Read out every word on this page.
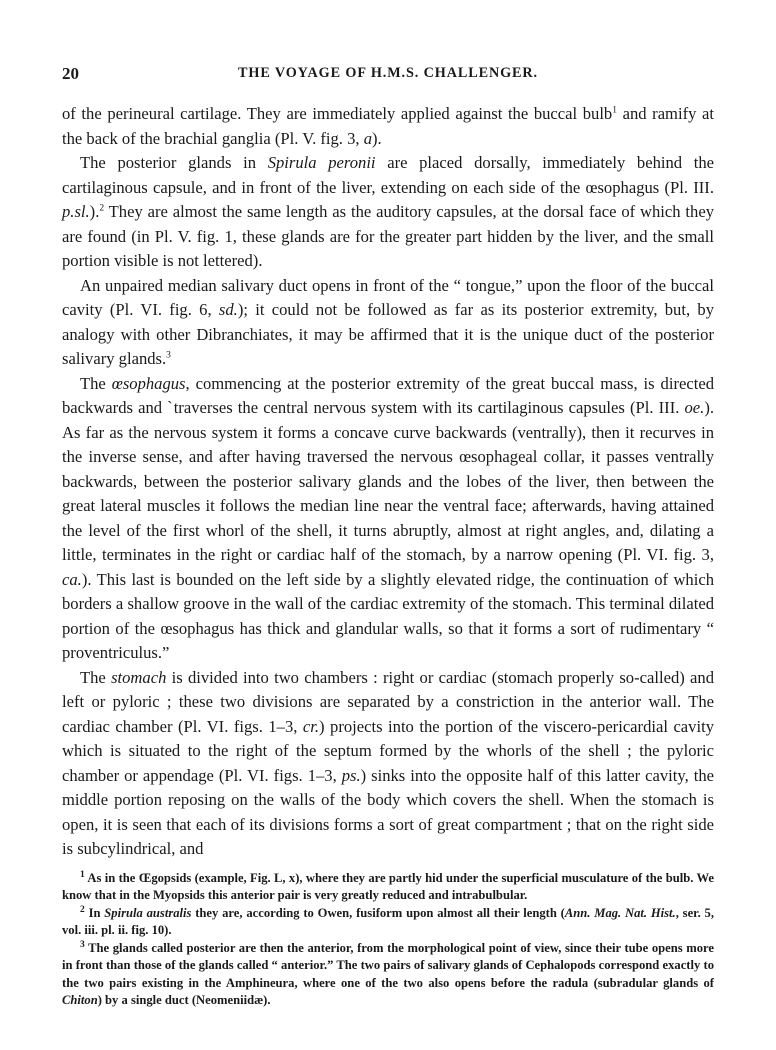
20	THE VOYAGE OF H.M.S. CHALLENGER.

of the perineural cartilage. They are immediately applied against the buccal bulb$^1$ and ramify at the back of the brachial ganglia (Pl. V. fig. 3, a).

The posterior glands in Spirula peronii are placed dorsally, immediately behind the cartilaginous capsule, and in front of the liver, extending on each side of the œsophagus (Pl. III. p.sl.).$^2$ They are almost the same length as the auditory capsules, at the dorsal face of which they are found (in Pl. V. fig. 1, these glands are for the greater part hidden by the liver, and the small portion visible is not lettered).

An unpaired median salivary duct opens in front of the “ tongue,” upon the floor of the buccal cavity (Pl. VI. fig. 6, sd.); it could not be followed as far as its posterior extremity, but, by analogy with other Dibranchiates, it may be affirmed that it is the unique duct of the posterior salivary glands.$^3$

The œsophagus, commencing at the posterior extremity of the great buccal mass, is directed backwards and ˋtraverses the central nervous system with its cartilaginous capsules (Pl. III. oe.). As far as the nervous system it forms a concave curve backwards (ventrally), then it recurves in the inverse sense, and after having traversed the nervous œsophageal collar, it passes ventrally backwards, between the posterior salivary glands and the lobes of the liver, then between the great lateral muscles it follows the median line near the ventral face; afterwards, having attained the level of the first whorl of the shell, it turns abruptly, almost at right angles, and, dilating a little, terminates in the right or cardiac half of the stomach, by a narrow opening (Pl. VI. fig. 3, ca.). This last is bounded on the left side by a slightly elevated ridge, the continuation of which borders a shallow groove in the wall of the cardiac extremity of the stomach. This terminal dilated portion of the œsophagus has thick and glandular walls, so that it forms a sort of rudimentary “ proventriculus.”

The stomach is divided into two chambers : right or cardiac (stomach properly so-called) and left or pyloric ; these two divisions are separated by a constriction in the anterior wall. The cardiac chamber (Pl. VI. figs. 1–3, cr.) projects into the portion of the viscero-pericardial cavity which is situated to the right of the septum formed by the whorls of the shell ; the pyloric chamber or appendage (Pl. VI. figs. 1–3, ps.) sinks into the opposite half of this latter cavity, the middle portion reposing on the walls of the body which covers the shell. When the stomach is open, it is seen that each of its divisions forms a sort of great compartment ; that on the right side is subcylindrical, and

$^1$ As in the Œgopsids (example, Fig. L, x), where they are partly hid under the superficial musculature of the bulb. We know that in the Myopsids this anterior pair is very greatly reduced and intrabulbular.

$^2$ In Spirula australis they are, according to Owen, fusiform upon almost all their length (Ann. Mag. Nat. Hist., ser. 5, vol. iii. pl. ii. fig. 10).

$^3$ The glands called posterior are then the anterior, from the morphological point of view, since their tube opens more in front than those of the glands called “ anterior.” The two pairs of salivary glands of Cephalopods correspond exactly to the two pairs existing in the Amphineura, where one of the two also opens before the radula (subradular glands of Chiton) by a single duct (Neomeniidæ).
